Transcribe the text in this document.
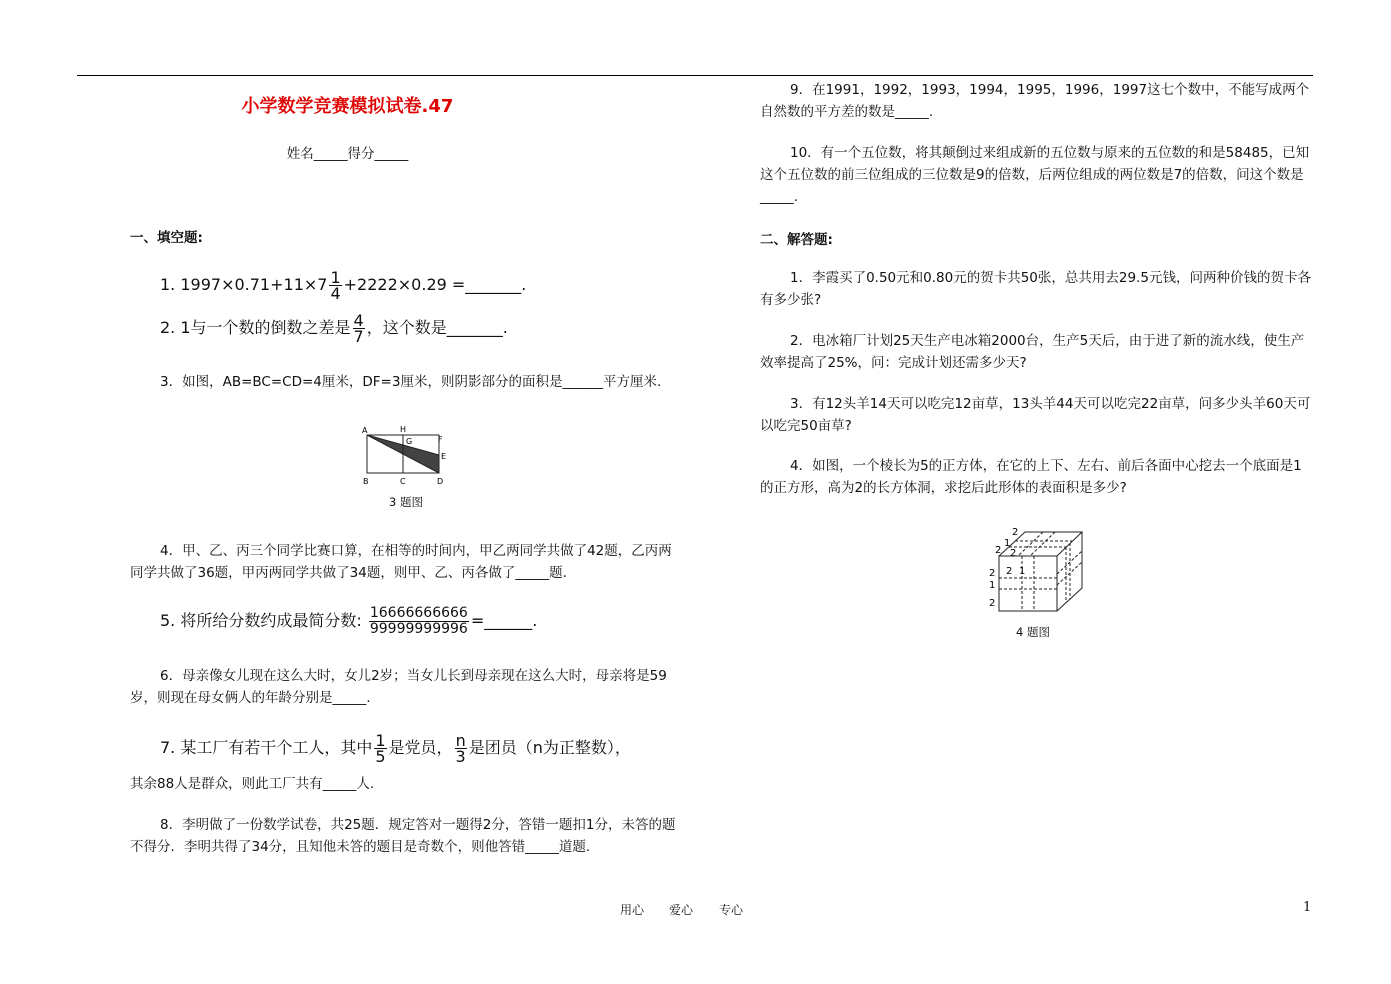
小学数学竞赛模拟试卷.47
姓名_____得分_____
一、填空题:
1. $1997\times 0.71+11\times 7 \frac{1}{4} +2222\times 0.29$ =_______.
2. 1与一个数的倒数之差是 $\frac{4}{7}$ ，这个数是_______.
3．如图，AB=BC=CD=4厘米，DF=3厘米，则阴影部分的面积是______平方厘米.
A	H
G	F
E
B	C	D
3 题图
4．甲、乙、丙三个同学比赛口算，在相等的时间内，甲乙两同学共做了42题，乙丙两同学共做了36题，甲丙两同学共做了34题，则甲、乙、丙各做了_____题.
5. 将所给分数约成最简分数: $\frac{16666666666}{99999999996}$ =______.
6．母亲像女儿现在这么大时，女儿2岁；当女儿长到母亲现在这么大时，母亲将是59岁，则现在母女俩人的年龄分别是_____.
7. 某工厂有若干个工人，其中 $\frac{1}{5}$ 是党员， $\frac{n}{3}$ 是团员（n为正整数），
其余88人是群众，则此工厂共有_____人.
8．李明做了一份数学试卷，共25题．规定答对一题得2分，答错一题扣1分，未答的题不得分．李明共得了34分，且知他未答的题目是奇数个，则他答错_____道题.
9．在1991，1992，1993，1994，1995，1996，1997这七个数中，不能写成两个自然数的平方差的数是_____.
10．有一个五位数，将其颠倒过来组成新的五位数与原来的五位数的和是58485，已知这个五位数的前三位组成的三位数是9的倍数，后两位组成的两位数是7的倍数，问这个数是_____.
二、解答题:
1．李霞买了0.50元和0.80元的贺卡共50张，总共用去29.5元钱，问两种价钱的贺卡各有多少张?
2．电冰箱厂计划25天生产电冰箱2000台，生产5天后，由于进了新的流水线，使生产效率提高了25%，问：完成计划还需多少天?
3．有12头羊14天可以吃完12亩草，13头羊44天可以吃完22亩草，问多少头羊60天可以吃完50亩草?
4．如图，一个棱长为5的正方体，在它的上下、左右、前后各面中心挖去一个底面是1的正方形，高为2的长方体洞，求挖后此形体的表面积是多少?
2
2
1
2
2 1
2
1
2
4 题图
用心 爱心 专心	1
